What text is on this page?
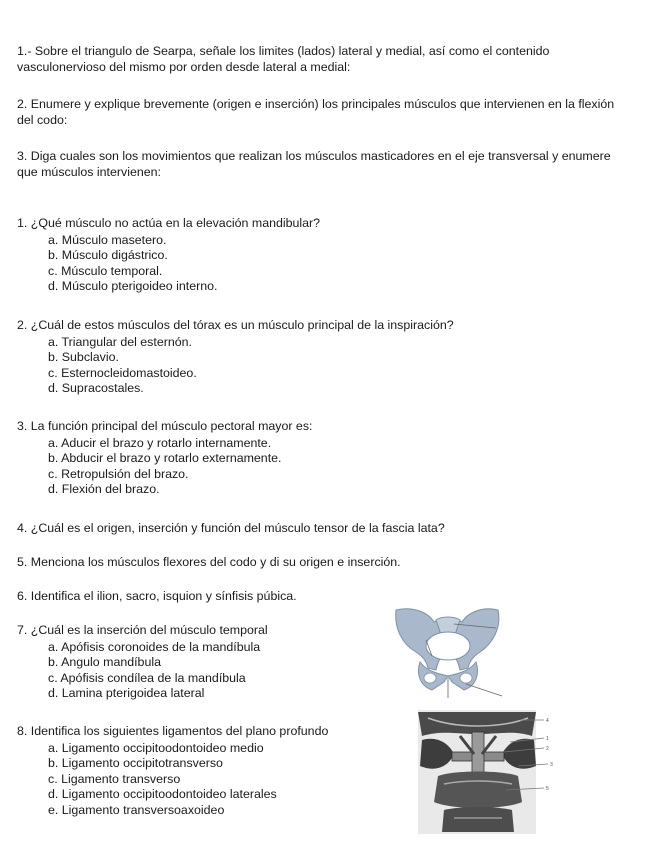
1.- Sobre el triangulo de Searpa, señale los limites (lados) lateral y medial, así como el contenido vasculonervioso del mismo por orden desde lateral a medial:
2. Enumere y explique brevemente (origen e inserción) los principales músculos que intervienen en la flexión del codo:
3. Diga cuales son los movimientos que realizan los músculos masticadores en el eje transversal y enumere que músculos intervienen:
1. ¿Qué músculo no actúa en la elevación mandibular?
a. Músculo masetero.
b. Músculo digástrico.
c. Músculo temporal.
d. Músculo pterigoideo interno.
2. ¿Cuál de estos músculos del tórax es un músculo principal de la inspiración?
a. Triangular del esternón.
b. Subclavio.
c. Esternocleidomastoideo.
d. Supracostales.
3. La función principal del músculo pectoral mayor es:
a. Aducir el brazo y rotarlo internamente.
b. Abducir el brazo y rotarlo externamente.
c. Retropulsión del brazo.
d. Flexión del brazo.
4. ¿Cuál es el origen, inserción y función del músculo tensor de la fascia lata?
5. Menciona los músculos flexores del codo y di su origen e inserción.
6. Identifica el ilion, sacro, isquion y sínfisis púbica.
7. ¿Cuál es la inserción del músculo temporal
a. Apófisis coronoides de la mandíbula
b. Angulo mandíbula
c. Apófisis condílea de la mandíbula
d. Lamina pterigoidea lateral
8. Identifica los siguientes ligamentos del plano profundo
a. Ligamento occipitoodontoideo medio
b. Ligamento occipitotransverso
c. Ligamento transverso
d. Ligamento occipitoodontoideo laterales
e. Ligamento transversoaxoideo
4
1
2
3
5
